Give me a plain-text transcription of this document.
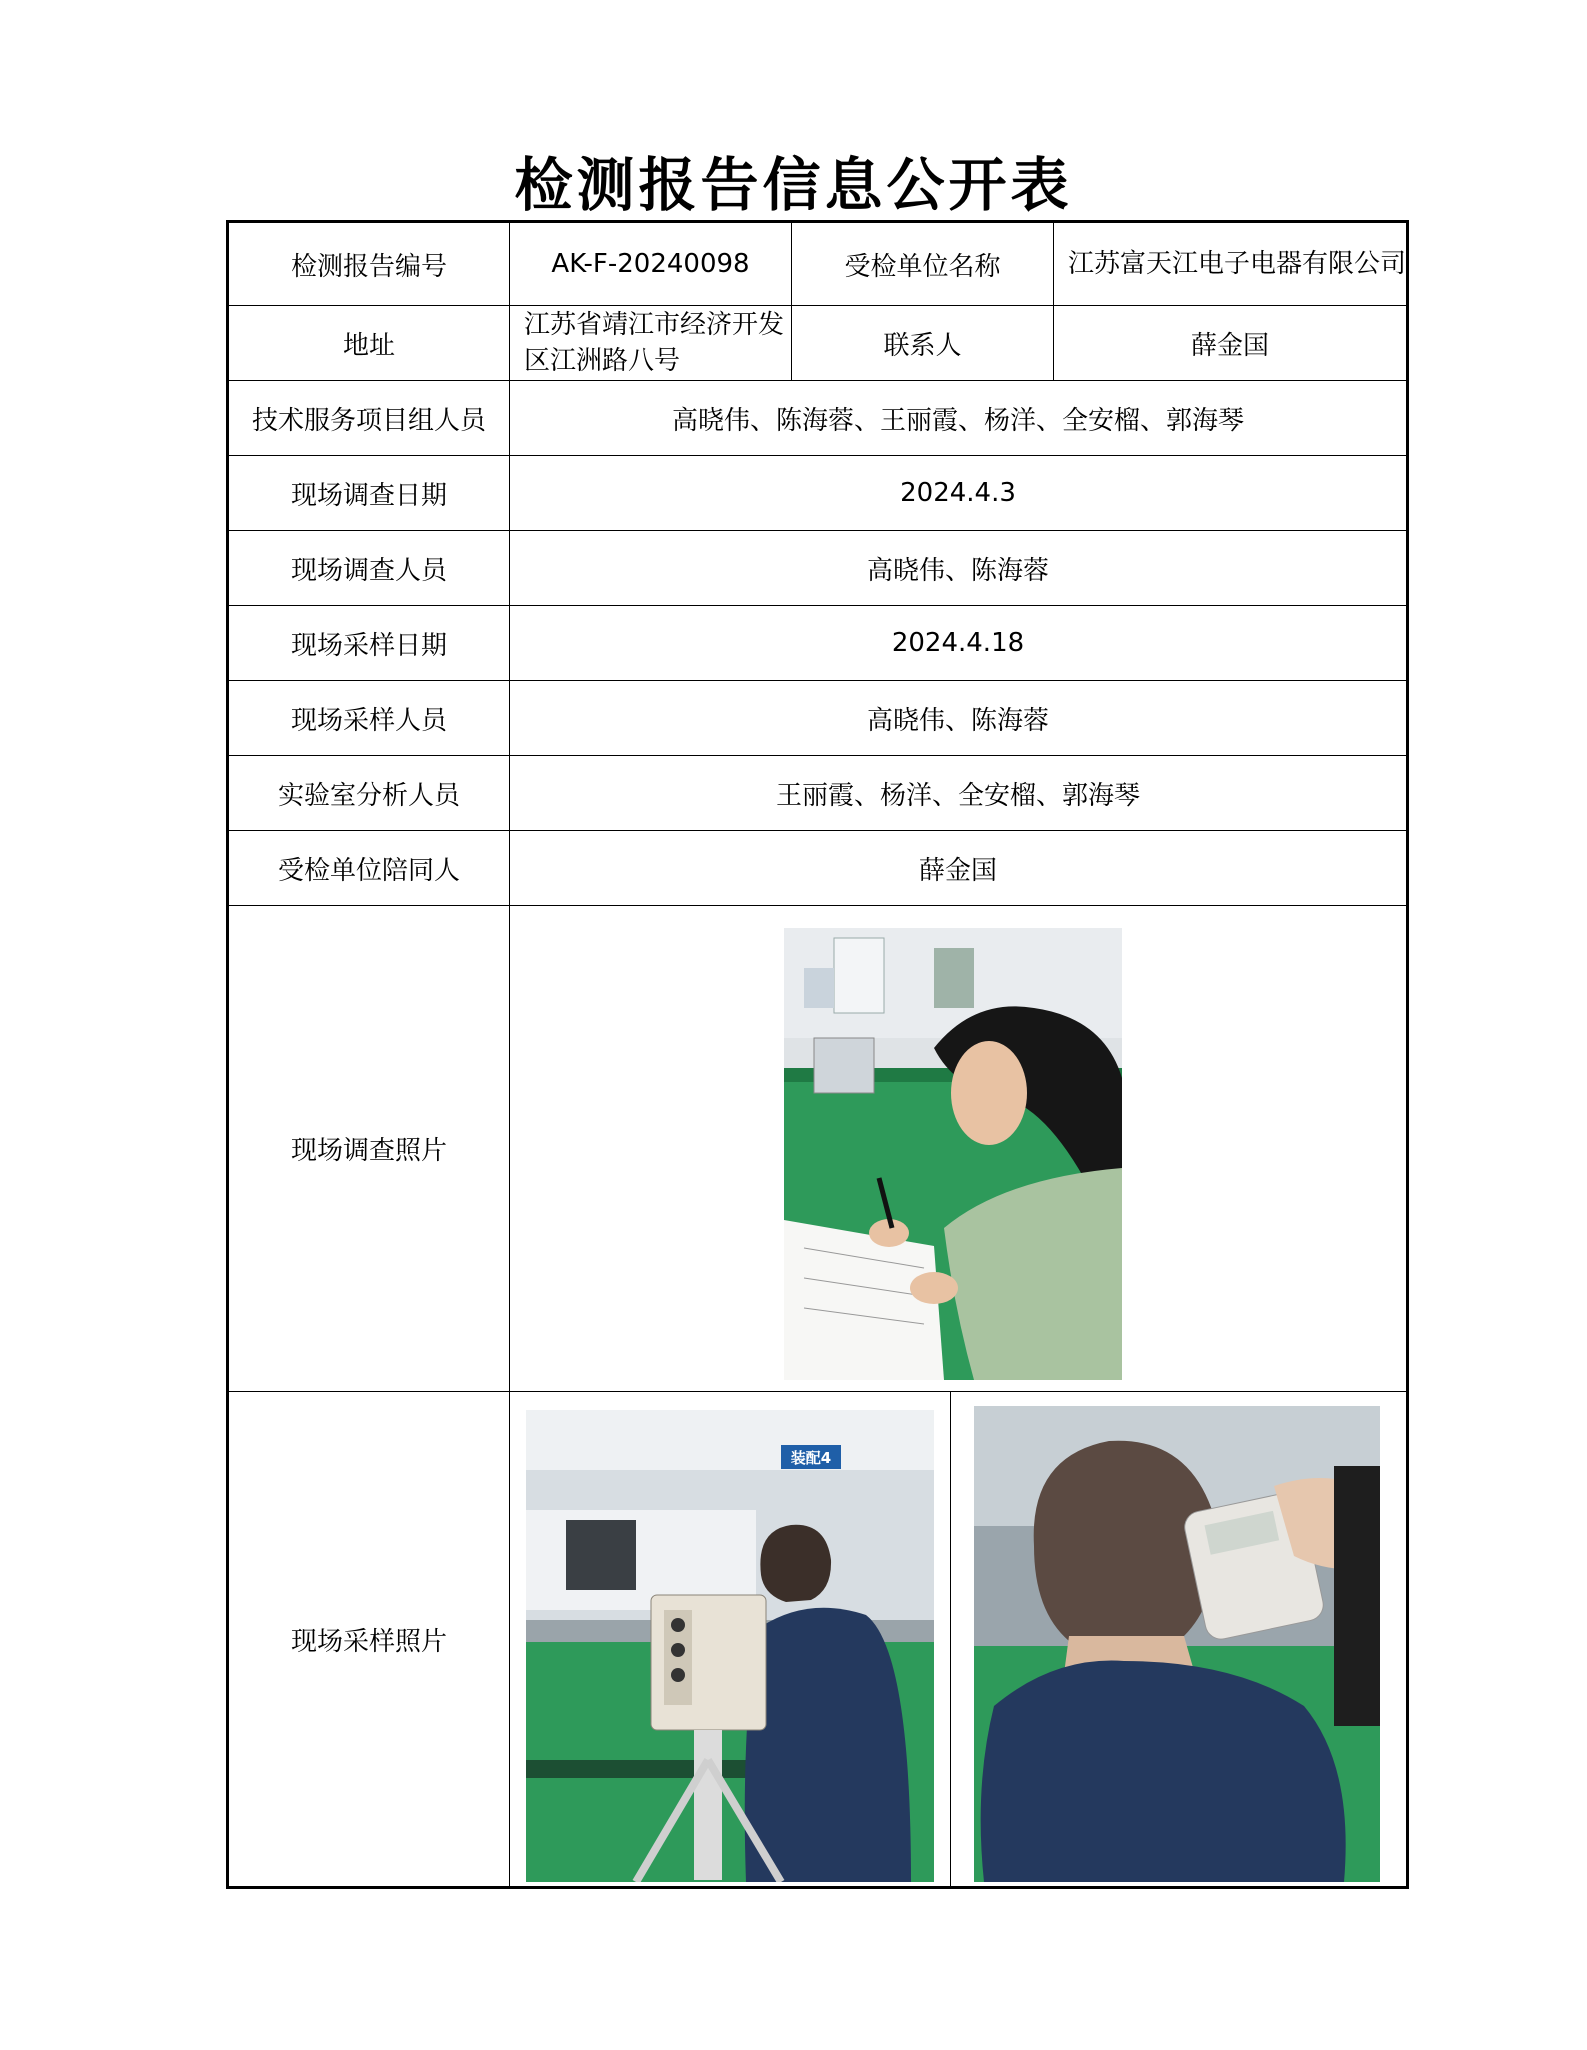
检测报告信息公开表
检测报告编号	AK-F-20240098	受检单位名称	江苏富天江电子电器有限公司
地址	江苏省靖江市经济开发区江洲路八号	联系人	薛金国
技术服务项目组人员	高晓伟、陈海蓉、王丽霞、杨洋、全安榴、郭海琴		
现场调查日期	2024.4.3		
现场调查人员	高晓伟、陈海蓉		
现场采样日期	2024.4.18		
现场采样人员	高晓伟、陈海蓉		
实验室分析人员	王丽霞、杨洋、全安榴、郭海琴		
受检单位陪同人	薛金国		
现场调查照片	

现场采样照片	装配4		
